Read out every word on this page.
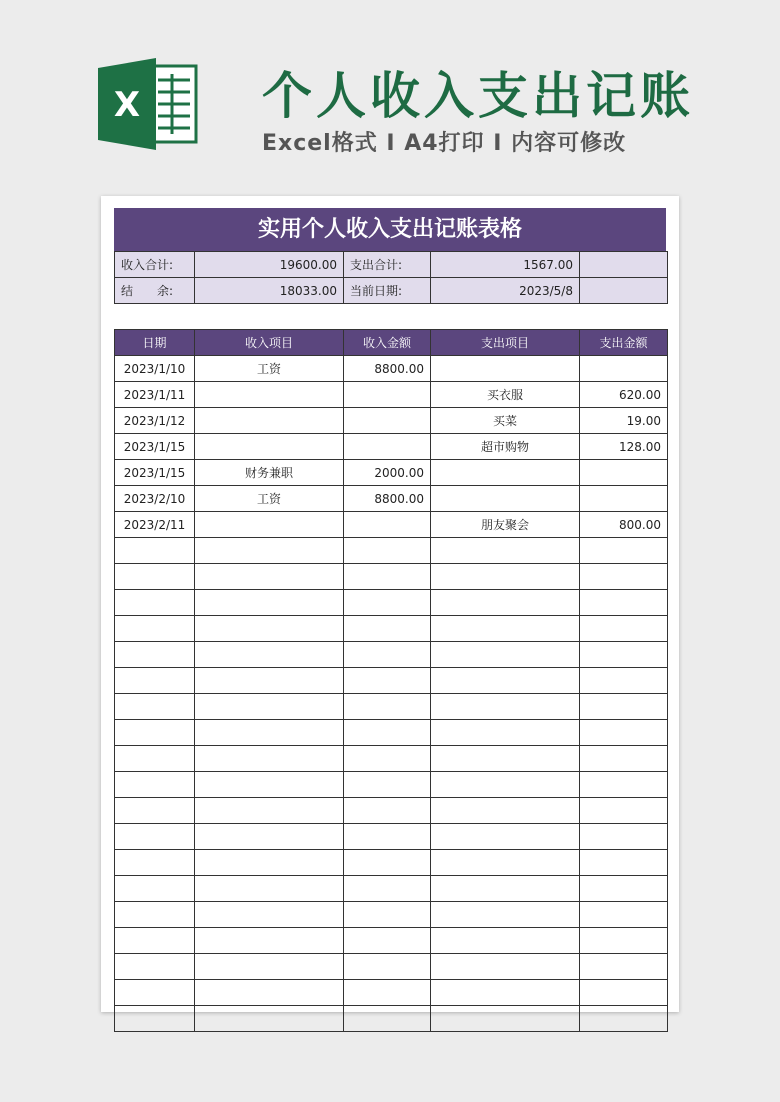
X 个人收入支出记账
Excel格式 I A4打印 I 内容可修改
实用个人收入支出记账表格
收入合计:	19600.00	支出合计:	1567.00	
结　　余:	18033.00	当前日期:	2023/5/8	
日期	收入项目	收入金额	支出项目	支出金额
2023/1/10	工资	8800.00		
2023/1/11			买衣服	620.00
2023/1/12			买菜	19.00
2023/1/15			超市购物	128.00
2023/1/15	财务兼职	2000.00		
2023/2/10	工资	8800.00		
2023/2/11			朋友聚会	800.00
